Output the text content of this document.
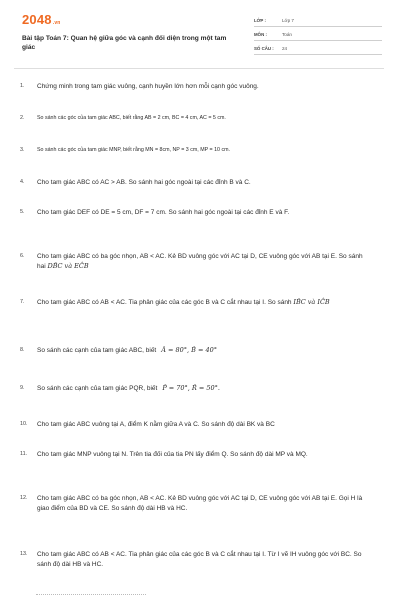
2048.vn
Bài tập Toán 7: Quan hệ giữa góc và cạnh đối diện trong một tam giác
LỚP :	Lớp 7
MÔN :	Toán
SỐ CÂU :	24
1.	Chứng minh trong tam giác vuông, cạnh huyền lớn hơn mỗi cạnh góc vuông.
2.	So sánh các góc của tam giác ABC, biết rằng AB = 2 cm, BC = 4 cm, AC = 5 cm.
3.	So sánh các góc của tam giác MNP, biết rằng MN = 8cm, NP = 3 cm, MP = 10 cm.
4.	Cho tam giác ABC có AC > AB. So sánh hai góc ngoài tại các đỉnh B và C.
5.	Cho tam giác DEF có DE = 5 cm, DF = 7 cm. So sánh hai góc ngoài tại các đỉnh E và F.
6.	Cho tam giác ABC có ba góc nhọn, AB < AC. Kẻ BD vuông góc với AC tại D, CE vuông góc với AB tại E. So sánh hai DB̂C và EĈB
7.	Cho tam giác ABC có AB < AC. Tia phân giác của các góc B và C cắt nhau tại I. So sánh IB̂C và IĈB
8.	So sánh các cạnh của tam giác ABC, biết Â = 80°, B̂ = 40°
9.	So sánh các cạnh của tam giác PQR, biết P̂ = 70°, R̂ = 50°.
10.	Cho tam giác ABC vuông tại A, điểm K nằm giữa A và C. So sánh độ dài BK và BC
11.	Cho tam giác MNP vuông tại N. Trên tia đối của tia PN lấy điểm Q. So sánh độ dài MP và MQ.
12.	Cho tam giác ABC có ba góc nhọn, AB < AC. Kẻ BD vuông góc với AC tại D, CE vuông góc với AB tại E. Gọi H là giao điểm của BD và CE. So sánh độ dài HB và HC.
13.	Cho tam giác ABC có AB < AC. Tia phân giác của các góc B và C cắt nhau tại I. Từ I vẽ IH vuông góc với BC. So sánh độ dài HB và HC.
